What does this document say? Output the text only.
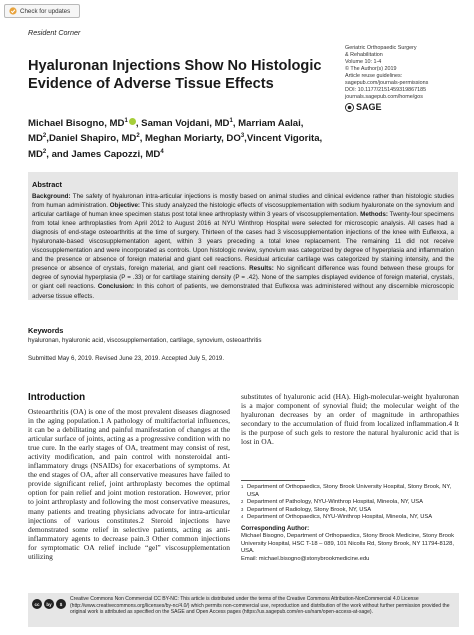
Check for updates
Resident Corner
Geriatric Orthopaedic Surgery
& Rehabilitation
Volume 10: 1-4
© The Author(s) 2019
Article reuse guidelines:
sagepub.com/journals-permissions
DOI: 10.1177/2151459319867185
journals.sagepub.com/home/gos
SAGE
Hyaluronan Injections Show No Histologic Evidence of Adverse Tissue Effects
Michael Bisogno, $MD^1$ , Saman Vojdani, $MD^1$, Marriam Aalai, $MD^2,Daniel$ Shapiro, $MD^2$, Meghan Moriarty, $DO^3,Vincent$ Vigorita, $MD^2$, and James Capozzi, $MD^4$
Abstract
Background: The safety of hyaluronan intra-articular injections is mostly based on animal studies and clinical evidence rather than histologic studies from human administration. Objective: This study analyzed the histologic effects of viscosupplementation with sodium hyaluronate on the synovium and articular cartilage of human knee specimen status post total knee arthroplasty within 3 years of viscosupplementation. Methods: Twenty-four specimens from total knee arthroplasties from April 2012 to August 2016 at NYU Winthrop Hospital were selected for microscopic analysis. All cases had a diagnosis of end-stage osteoarthritis at the time of surgery. Thirteen of the cases had 3 viscosupplementation injections of the knee with Euflexxa, a hyaluronate-based viscosupplementation agent, within 3 years preceding a total knee replacement. The remaining 11 did not receive viscosupplementation and were incorporated as controls. Upon histologic review, synovium was categorized by degree of hyperplasia and inflammation and the presence or absence of foreign material and giant cell reactions. Residual articular cartilage was categorized by staining intensity, and the presence or absence of crystals, foreign material, and giant cell reactions. Results: No significant difference was found between these groups for degree of synovial hyperplasia (P = .33) or for cartilage staining density (P = .42). None of the samples displayed evidence of foreign material, crystals, or giant cell reactions. Conclusion: In this cohort of patients, we demonstrated that Euflexxa was administered without any discernible microscopic adverse tissue effects.
Keywords
hyaluronan, hyaluronic acid, viscosupplementation, cartilage, synovium, osteoarthritis
Submitted May 6, 2019. Revised June 23, 2019. Accepted July 5, 2019.
Introduction

Osteoarthritis (OA) is one of the most prevalent diseases diagnosed in the aging population.1 A pathology of multifactorial influences, it can be a debilitating and painful manifestation of changes at the articular surface of joints, acting as a progressive condition with no true cure. In the early stages of OA, treatment may consist of rest, activity modification, and pain control with nonsteroidal anti-inflammatory drugs (NSAIDs) for exacerbations of symptoms. At the end stages of OA, after all conservative measures have failed to provide significant relief, joint arthroplasty becomes the optimal option for pain relief and joint motion restoration. However, prior to joint arthroplasty and following the most conservative measures, many patients and treating physicians advocate for intra-articular injections of various constitutes.2 Steroid injections have demonstrated some relief in selective patients, acting as anti-inflammatory agents to decrease pain.3 Other common injections for symptomatic OA relief include “gel” viscosupplementation utilizing

substitutes of hyaluronic acid (HA). High-molecular-weight hyaluronan is a major component of synovial fluid; the molecular weight of the hyaluronan decreases by an order of magnitude in arthropathies secondary to the accumulation of fluid from localized inflammation.4 It is the purpose of such gels to restore the natural hyaluronic acid that is lost in OA.

1 Department of Orthopaedics, Stony Brook University Hospital, Stony Brook, NY, USA
2 Department of Pathology, NYU-Winthrop Hospital, Mineola, NY, USA
3 Department of Radiology, Stony Brook, NY, USA
4 Department of Orthopaedics, NYU-Winthrop Hospital, Mineola, NY, USA
Corresponding Author:
Michael Bisogno, Department of Orthopaedics, Stony Brook Medicine, Stony Brook University Hospital, HSC T-18 – 089, 101 Nicolls Rd, Stony Brook, NY 11794-8128, USA.
Email: michael.bisogno@stonybrookmedicine.edu
cc	by	$
Creative Commons Non Commercial CC BY-NC: This article is distributed under the terms of the Creative Commons Attribution-NonCommercial 4.0 License (http://www.creativecommons.org/licenses/by-nc/4.0/) which permits non-commercial use, reproduction and distribution of the work without further permission provided the original work is attributed as specified on the SAGE and Open Access pages (https://us.sagepub.com/en-us/nam/open-access-at-sage).
